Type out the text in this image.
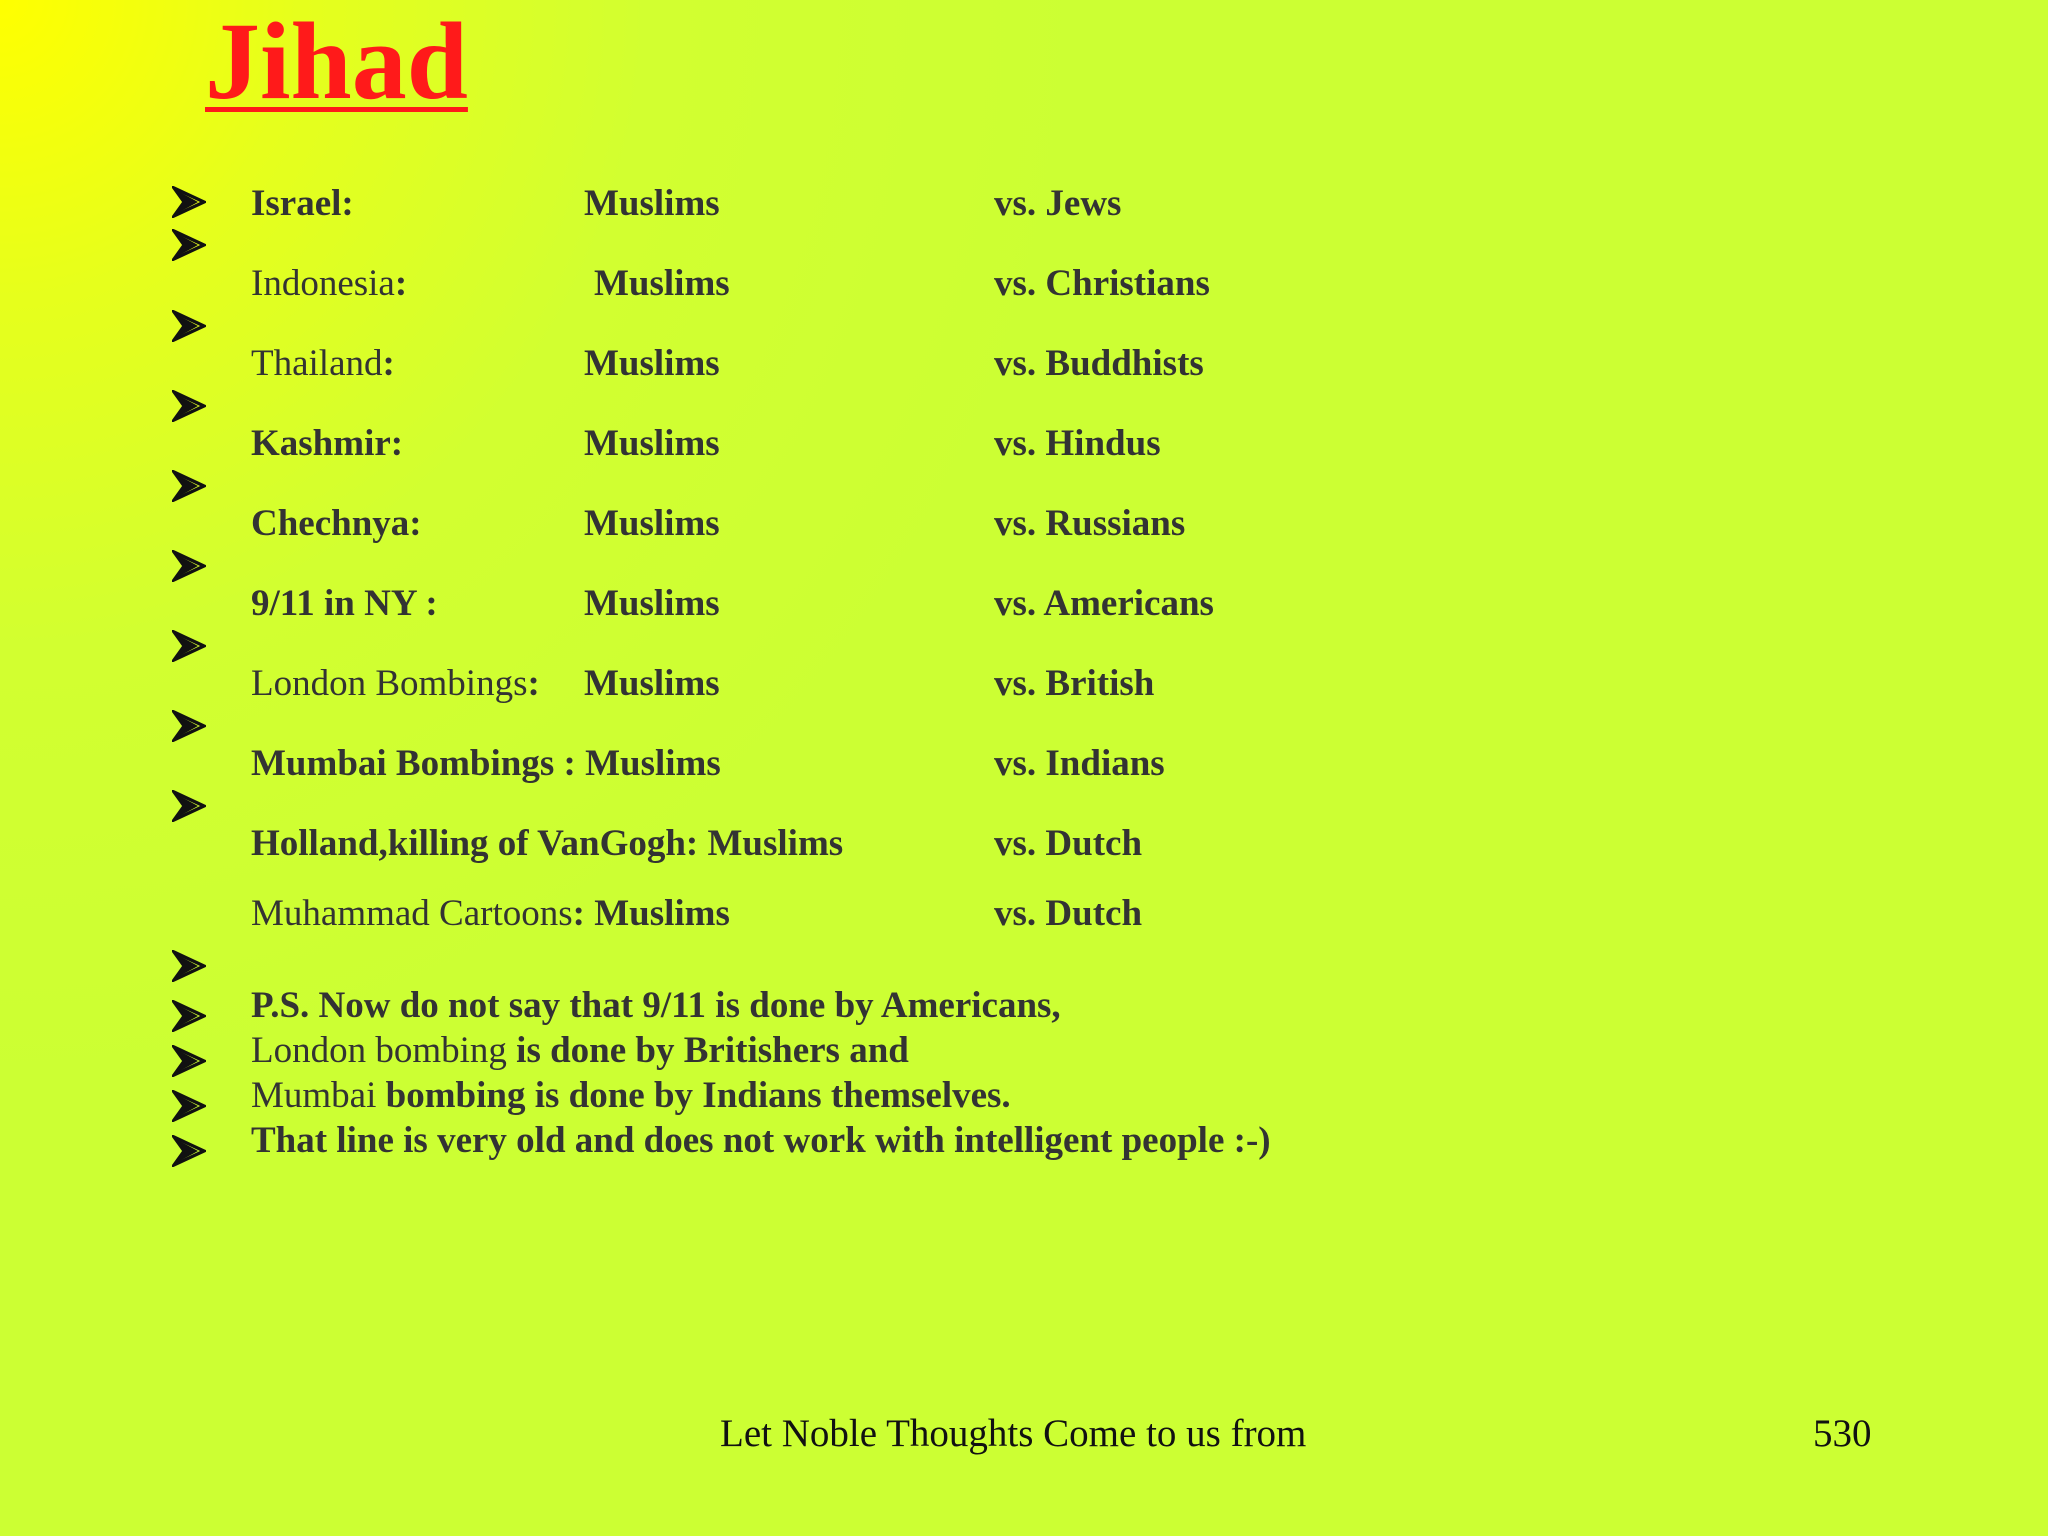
Jihad
Israel:	Muslims	vs. Jews
Indonesia:	Muslims	vs. Christians
Thailand:	Muslims	vs. Buddhists
Kashmir:	Muslims	vs. Hindus
Chechnya:	Muslims	vs. Russians
9/11 in NY :	Muslims	vs. Americans
London Bombings: Muslims	vs. British
Mumbai Bombings : Muslims	vs. Indians
Holland,killing of VanGogh: Muslims	vs. Dutch
Muhammad Cartoons: Muslims	vs. Dutch
P.S. Now do not say that 9/11 is done by Americans,
London bombing is done by Britishers and
Mumbai bombing is done by Indians themselves.
That line is very old and does not work with intelligent people :-)
Let Noble Thoughts Come to us from	530
